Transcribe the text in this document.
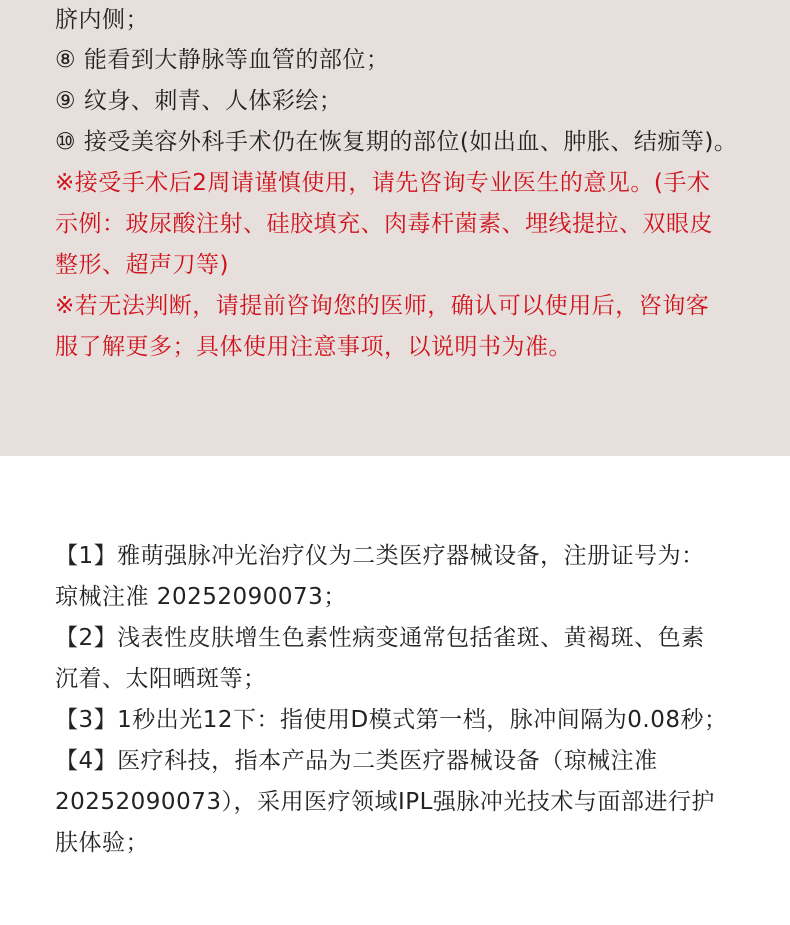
脐内侧；
⑧ 能看到大静脉等血管的部位；
⑨ 纹身、刺青、人体彩绘；
⑩ 接受美容外科手术仍在恢复期的部位(如出血、肿胀、结痂等)。
※接受手术后2周请谨慎使用，请先咨询专业医生的意见。(手术
示例：玻尿酸注射、硅胶填充、肉毒杆菌素、埋线提拉、双眼皮
整形、超声刀等)
※若无法判断，请提前咨询您的医师，确认可以使用后，咨询客
服了解更多；具体使用注意事项，以说明书为准。
【1】雅萌强脉冲光治疗仪为二类医疗器械设备，注册证号为：
琼械注准 20252090073；
【2】浅表性皮肤增生色素性病变通常包括雀斑、黄褐斑、色素
沉着、太阳晒斑等；
【3】1秒出光12下：指使用D模式第一档，脉冲间隔为0.08秒；
【4】医疗科技，指本产品为二类医疗器械设备（琼械注准
20252090073），采用医疗领域IPL强脉冲光技术与面部进行护
肤体验；
